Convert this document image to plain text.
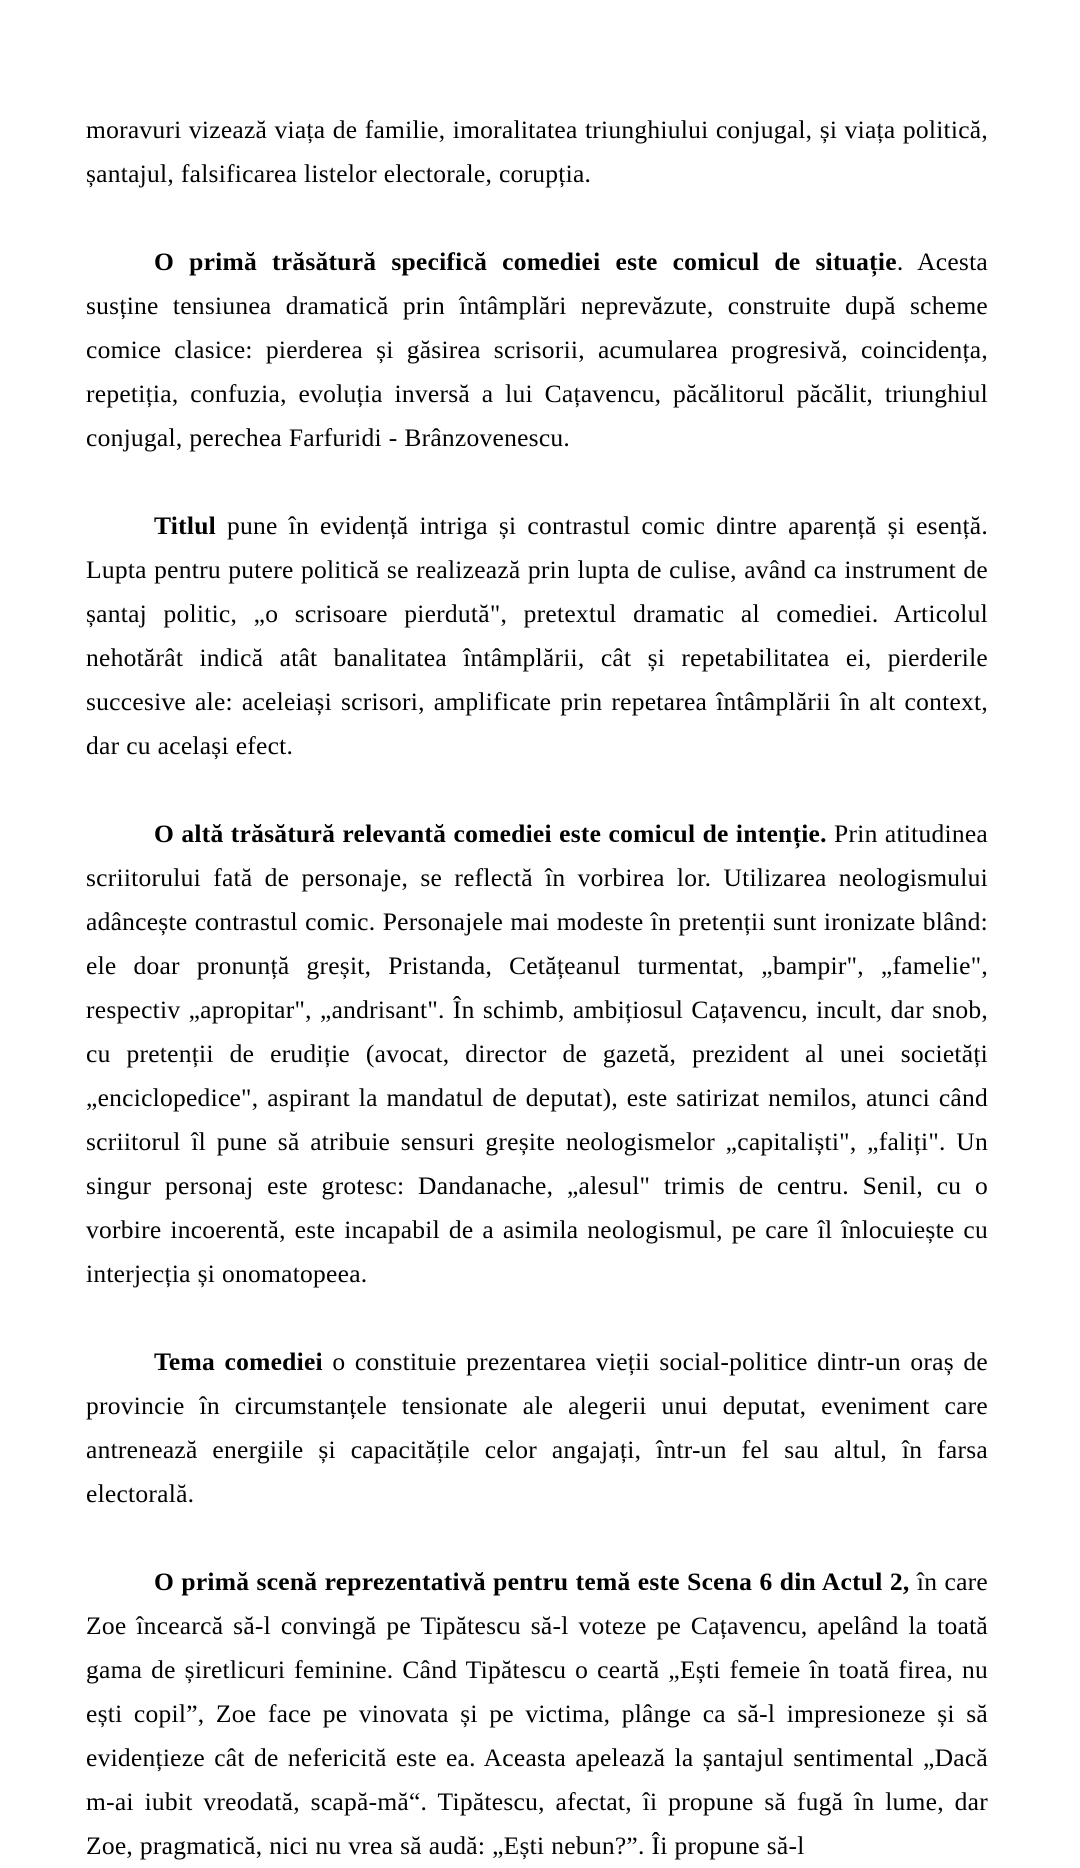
moravuri vizează viața de familie, imoralitatea triunghiului conjugal, și viața politică, șantajul, falsificarea listelor electorale, corupția.

O primă trăsătură specifică comediei este comicul de situație. Acesta susține tensiunea dramatică prin întâmplări neprevăzute, construite după scheme comice clasice: pierderea și găsirea scrisorii, acumularea progresivă, coincidența, repetiția, confuzia, evoluția inversă a lui Cațavencu, păcălitorul păcălit, triunghiul conjugal, perechea Farfuridi - Brânzovenescu.

Titlul pune în evidență intriga și contrastul comic dintre aparență și esență. Lupta pentru putere politică se realizează prin lupta de culise, având ca instrument de șantaj politic, „o scrisoare pierdută", pretextul dramatic al comediei. Articolul nehotărât indică atât banalitatea întâmplării, cât și repetabilitatea ei, pierderile succesive ale: aceleiași scrisori, amplificate prin repetarea întâmplării în alt context, dar cu același efect.

O altă trăsătură relevantă comediei este comicul de intenție. Prin atitudinea scriitorului fată de personaje, se reflectă în vorbirea lor. Utilizarea neologismului adâncește contrastul comic. Personajele mai modeste în pretenții sunt ironizate blând: ele doar pronunță greșit, Pristanda, Cetățeanul turmentat, „bampir", „famelie", respectiv „apropitar", „andrisant". În schimb, ambițiosul Cațavencu, incult, dar snob, cu pretenții de erudiție (avocat, director de gazetă, prezident al unei societăți „enciclopedice", aspirant la mandatul de deputat), este satirizat nemilos, atunci când scriitorul îl pune să atribuie sensuri greșite neologismelor „capitaliști", „faliți". Un singur personaj este grotesc: Dandanache, „alesul" trimis de centru. Senil, cu o vorbire incoerentă, este incapabil de a asimila neologismul, pe care îl înlocuiește cu interjecția și onomatopeea.

Tema comediei o constituie prezentarea vieții social-politice dintr-un oraș de provincie în circumstanțele tensionate ale alegerii unui deputat, eveniment care antrenează energiile și capacitățile celor angajați, într-un fel sau altul, în farsa electorală.

O primă scenă reprezentativă pentru temă este Scena 6 din Actul 2, în care Zoe încearcă să-l convingă pe Tipătescu să-l voteze pe Cațavencu, apelând la toată gama de șiretlicuri feminine. Când Tipătescu o ceartă „Ești femeie în toată firea, nu ești copil”, Zoe face pe vinovata și pe victima, plânge ca să-l impresioneze și să evidențieze cât de nefericită este ea. Aceasta apelează la șantajul sentimental „Dacă m-ai iubit vreodată, scapă-mă“. Tipătescu, afectat, îi propune să fugă în lume, dar Zoe, pragmatică, nici nu vrea să audă: „Ești nebun?”. Îi propune să-l
